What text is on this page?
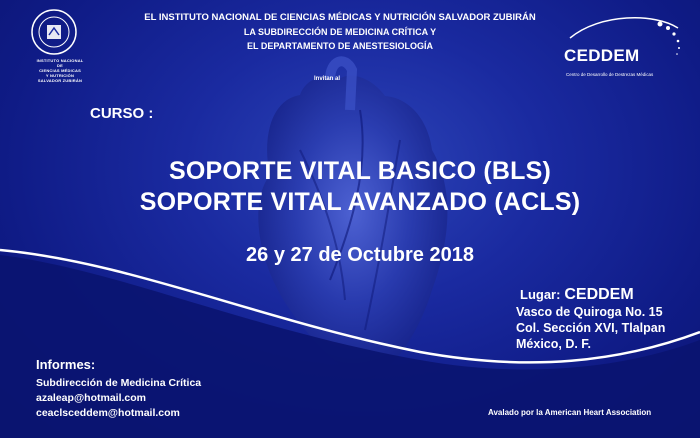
INSTITUTO NACIONAL
DE
CIENCIAS MÉDICAS
Y NUTRICIÓN
SALVADOR ZUBIRÁN
EL INSTITUTO NACIONAL DE CIENCIAS MÉDICAS Y NUTRICIÓN SALVADOR ZUBIRÁN
LA SUBDIRECCIÓN DE MEDICINA CRÍTICA Y
EL DEPARTAMENTO DE ANESTESIOLOGÍA
Invitan al
CEDDEM
Centro de Desarrollo de Destrezas Médicas
CURSO :
SOPORTE VITAL BASICO (BLS)
SOPORTE VITAL AVANZADO (ACLS)
26 y 27 de Octubre 2018
Lugar: CEDDEM
Vasco de Quiroga No. 15
Col. Sección XVI, Tlalpan
México, D. F.
Informes:
Subdirección de Medicina Crítica
azaleap@hotmail.com
ceaclsceddem@hotmail.com	Avalado por la American Heart Association
